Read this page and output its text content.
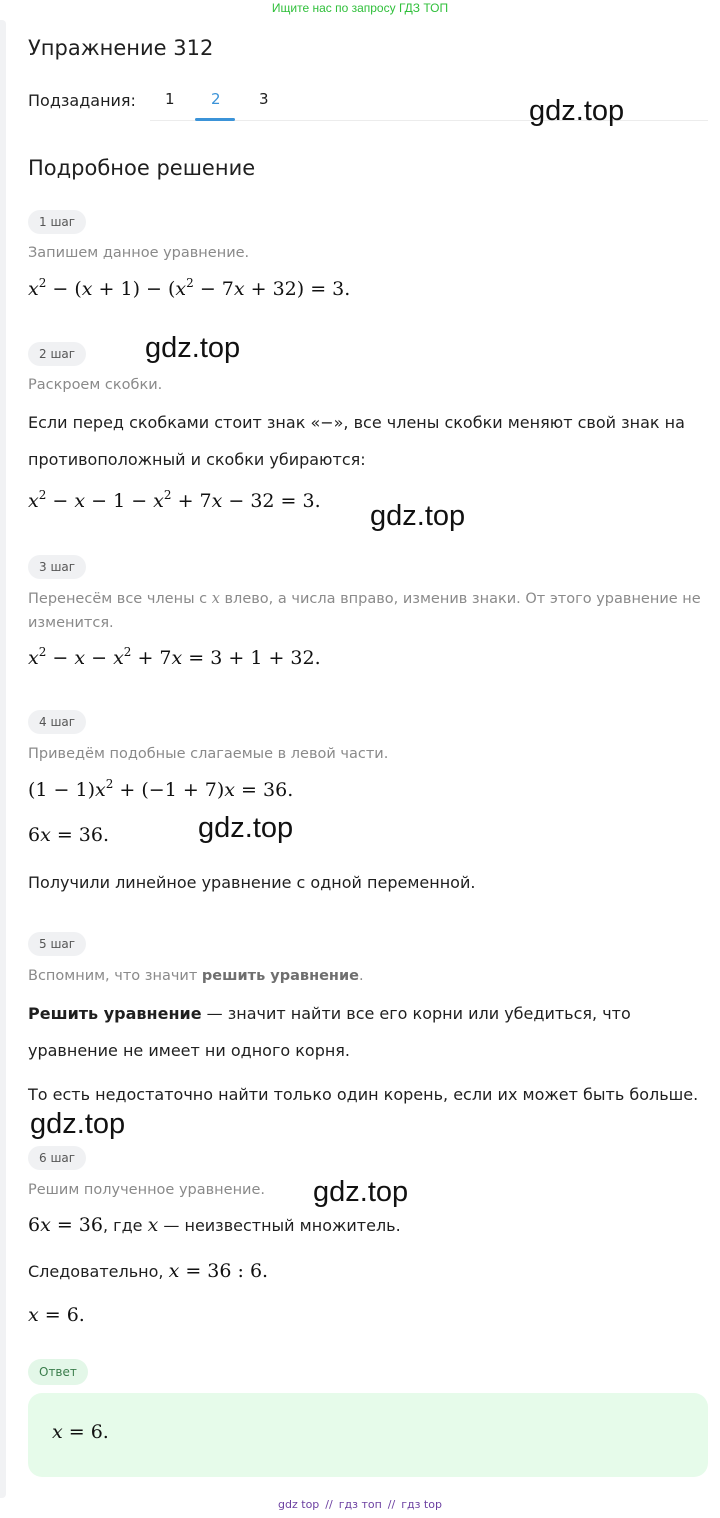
Ищите нас по запросу ГДЗ ТОП
Упражнение 312
Подзадания: 1 2	3
Подробное решение
gdz.top
gdz.top
gdz.top
gdz.top
gdz.top
gdz.top
1 шаг
Запишем данное уравнение.
$x^2 - (x + 1) - (x^2 - 7x + 32) = 3$.
2 шаг
Раскроем скобки.
Если перед скобками стоит знак «−», все члены скобки меняют свой знак на
противоположный и скобки убираются:
$x^2 - x - 1 - x^2 + 7x - 32 = 3$.
3 шаг
Перенесём все члены с x влево, а числа вправо, изменив знаки. От этого уравнение не
изменится.
$x^2 - x - x^2 + 7x = 3 + 1 + 32$.
4 шаг
Приведём подобные слагаемые в левой части.
$(1 - 1)x^2 + (-1 + 7)x = 36$.
6x = 36.
Получили линейное уравнение с одной переменной.
5 шаг
Вспомним, что значит решить уравнение.
Решить уравнение — значит найти все его корни или убедиться, что
уравнение не имеет ни одного корня.
То есть недостаточно найти только один корень, если их может быть больше.
6 шаг
Решим полученное уравнение.
6x = 36, где x — неизвестный множитель.
Следовательно, x = 36 : 6.
x = 6.
Ответ
x = 6.
gdz top // гдз топ // гдз top
